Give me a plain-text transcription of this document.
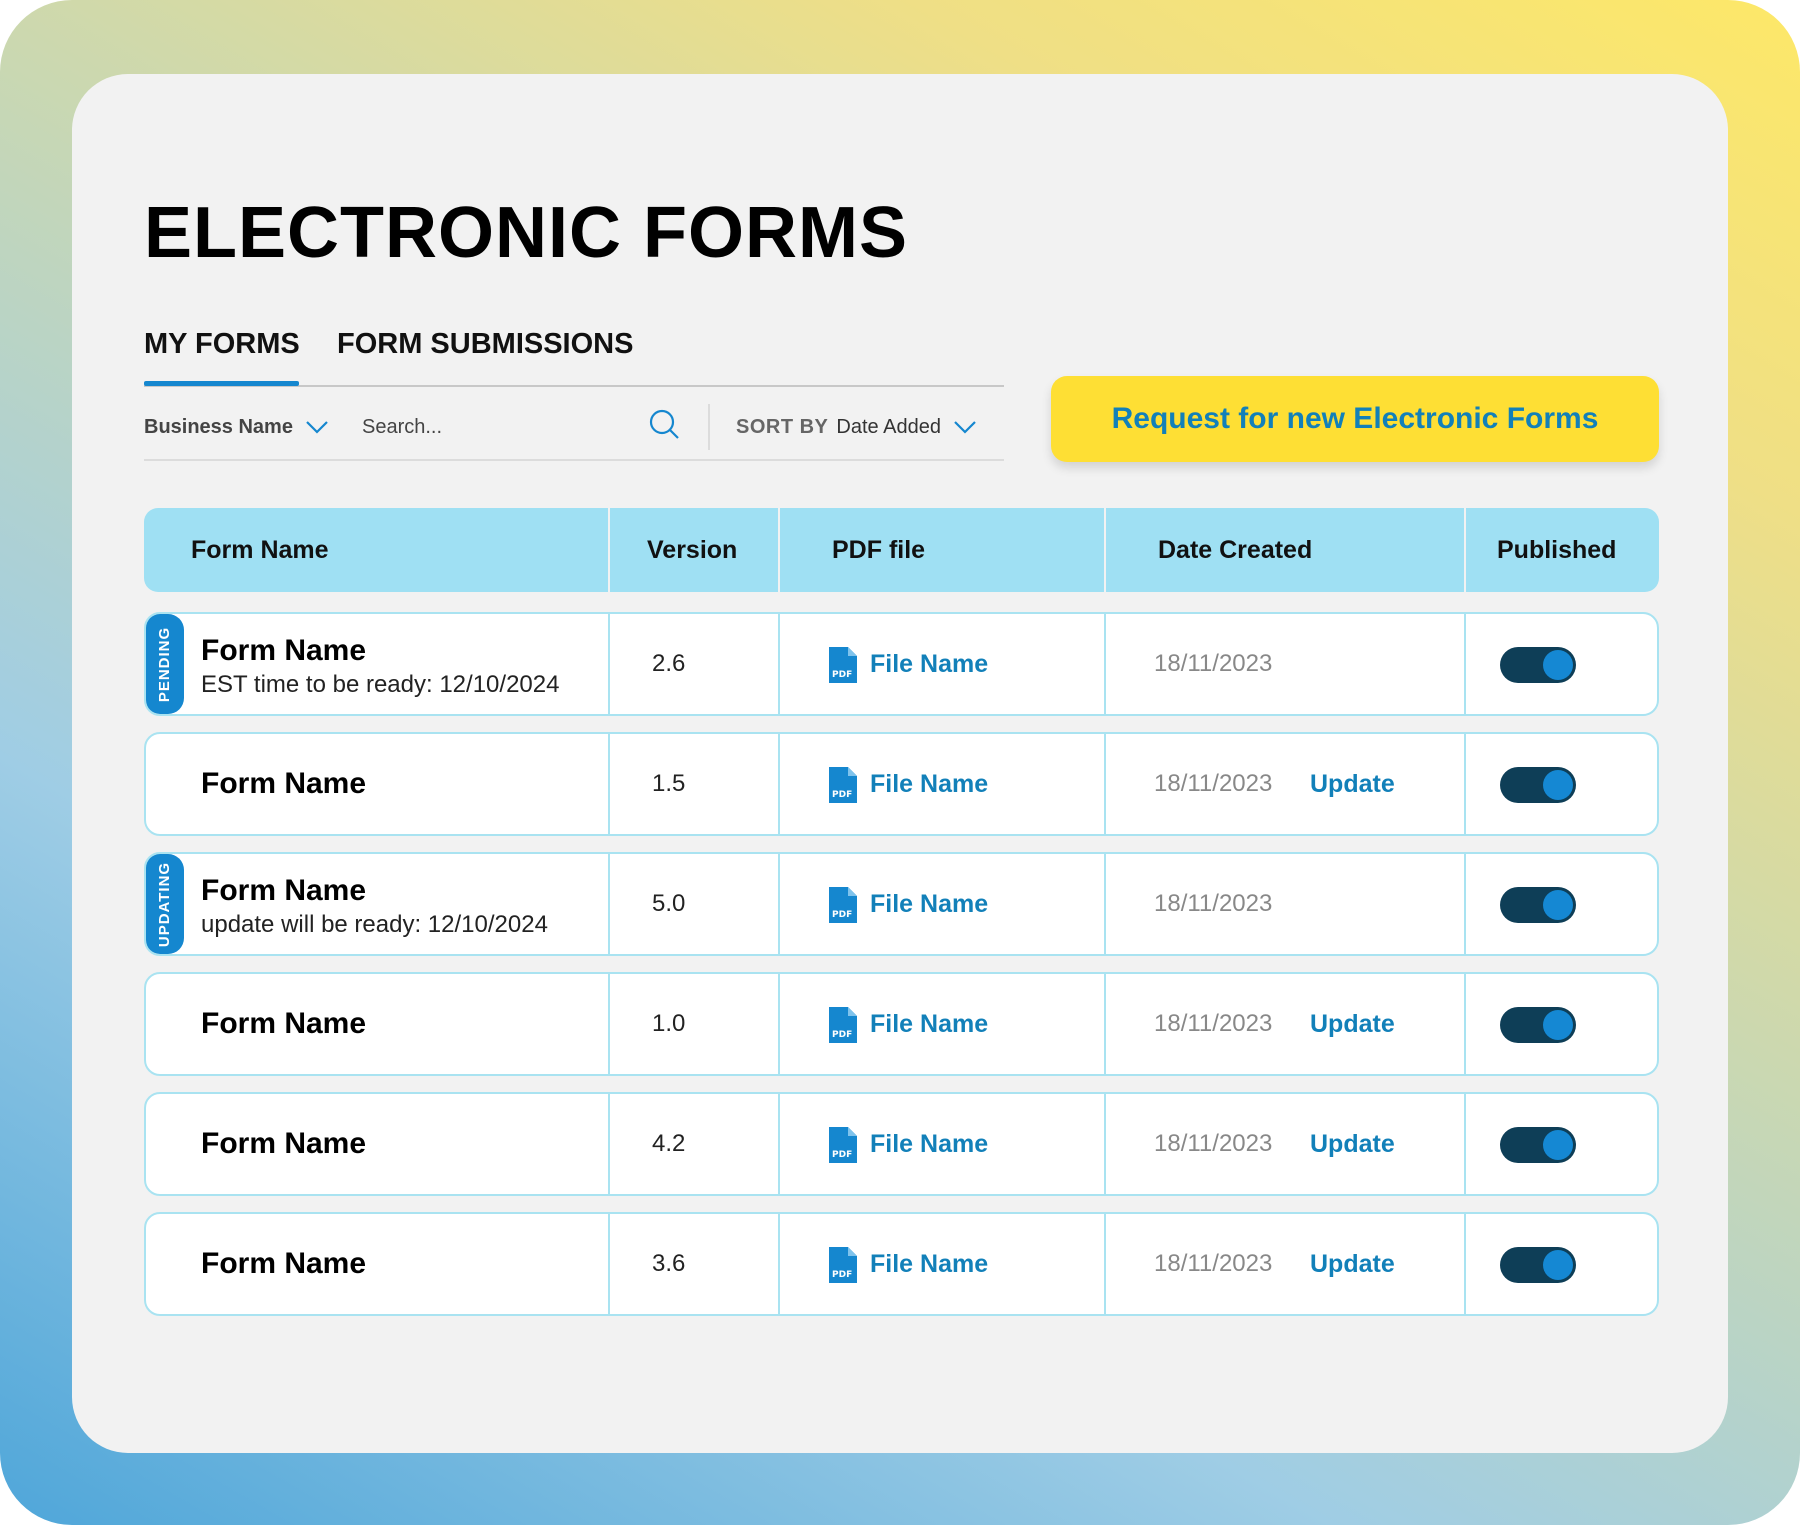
ELECTRONIC FORMS
MY FORMS FORM SUBMISSIONS
Business Name	Search...	SORT BY Date Added	Request for new Electronic Forms
Form Name	Version	PDF file	Date Created	Published
PENDING Form Name
EST time to be ready: 12/10/2024
2.6	PDF File Name	18/11/2023
Form Name	1.5	PDF File Name	18/11/2023 Update
UPDATING Form Name
update will be ready: 12/10/2024
5.0	PDF File Name	18/11/2023
Form Name	1.0	PDF File Name	18/11/2023 Update
Form Name	4.2	PDF File Name	18/11/2023 Update
Form Name	3.6	PDF File Name	18/11/2023 Update
